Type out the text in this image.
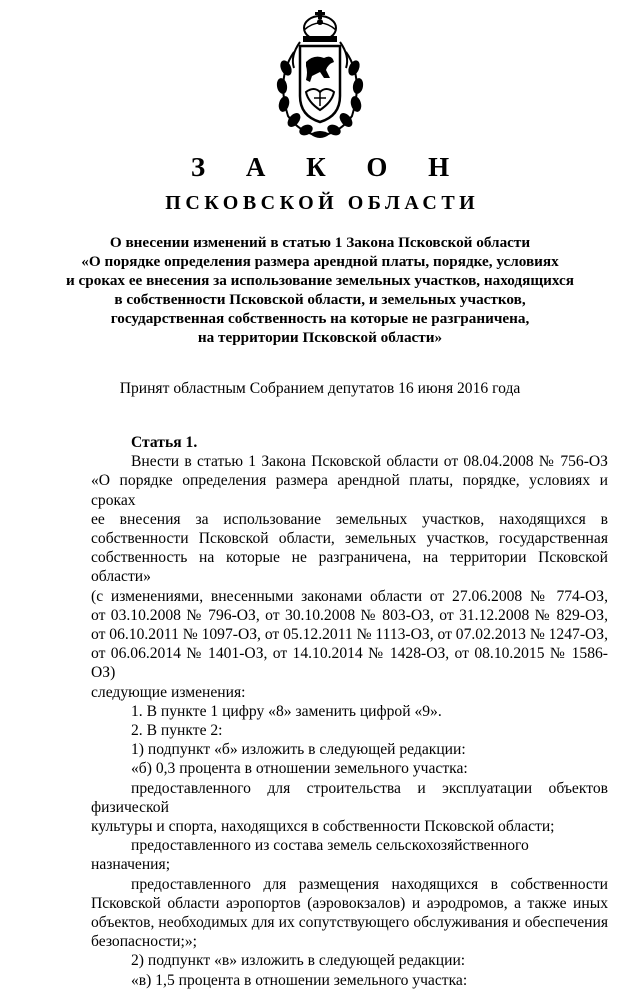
З А К О Н
ПСКОВСКОЙ ОБЛАСТИ
О внесении изменений в статью 1 Закона Псковской области
«О порядке определения размера арендной платы, порядке, условиях
и сроках ее внесения за использование земельных участков, находящихся
в собственности Псковской области, и земельных участков,
государственная собственность на которые не разграничена,
на территории Псковской области»
Принят областным Собранием депутатов 16 июня 2016 года

Статья 1.

Внести в статью 1 Закона Псковской области от 08.04.2008 № 756-ОЗ

«О порядке определения размера арендной платы, порядке, условиях и сроках

ее внесения за использование земельных участков, находящихся в

собственности Псковской области, земельных участков, государственная

собственность на которые не разграничена, на территории Псковской области»

(с изменениями, внесенными законами области от 27.06.2008 № 774-ОЗ,

от 03.10.2008 № 796-ОЗ, от 30.10.2008 № 803-ОЗ, от 31.12.2008 № 829-ОЗ,

от 06.10.2011 № 1097-ОЗ, от 05.12.2011 № 1113-ОЗ, от 07.02.2013 № 1247-ОЗ,

от 06.06.2014 № 1401-ОЗ, от 14.10.2014 № 1428-ОЗ, от 08.10.2015 № 1586-ОЗ)

следующие изменения:

1. В пункте 1 цифру «8» заменить цифрой «9».

2. В пункте 2:

1) подпункт «б» изложить в следующей редакции:

«б) 0,3 процента в отношении земельного участка:

предоставленного для строительства и эксплуатации объектов физической

культуры и спорта, находящихся в собственности Псковской области;

предоставленного из состава земель сельскохозяйственного назначения;

предоставленного для размещения находящихся в собственности

Псковской области аэропортов (аэровокзалов) и аэродромов, а также иных

объектов, необходимых для их сопутствующего обслуживания и обеспечения

безопасности;»;

2) подпункт «в» изложить в следующей редакции:

«в) 1,5 процента в отношении земельного участка:
